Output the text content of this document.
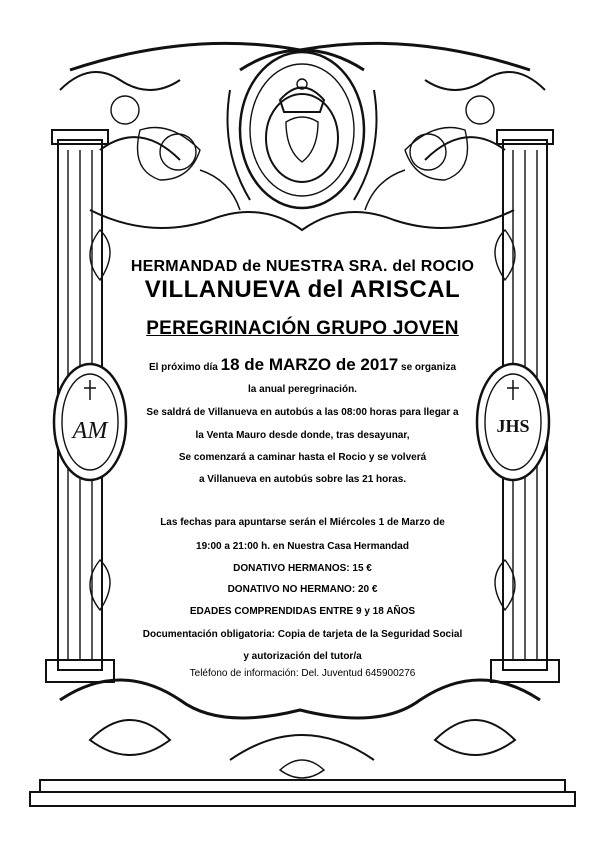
AM	JHS
HERMANDAD de NUESTRA SRA. del ROCIO
VILLANUEVA del ARISCAL
PEREGRINACIÓN GRUPO JOVEN
El próximo día 18 de MARZO de 2017 se organiza
la anual peregrinación.
Se saldrá de Villanueva en autobús a las 08:00 horas para llegar a
la Venta Mauro desde donde, tras desayunar,
Se comenzará a caminar hasta el Rocio y se volverá
a Villanueva en autobús sobre las 21 horas.
Las fechas para apuntarse serán el Miércoles 1 de Marzo de
19:00 a 21:00 h. en Nuestra Casa Hermandad
DONATIVO HERMANOS: 15 €
DONATIVO NO HERMANO: 20 €
EDADES COMPRENDIDAS ENTRE 9 y 18 AÑOS
Documentación obligatoria: Copia de tarjeta de la Seguridad Social
y autorización del tutor/a
Teléfono de información: Del. Juventud 645900276
